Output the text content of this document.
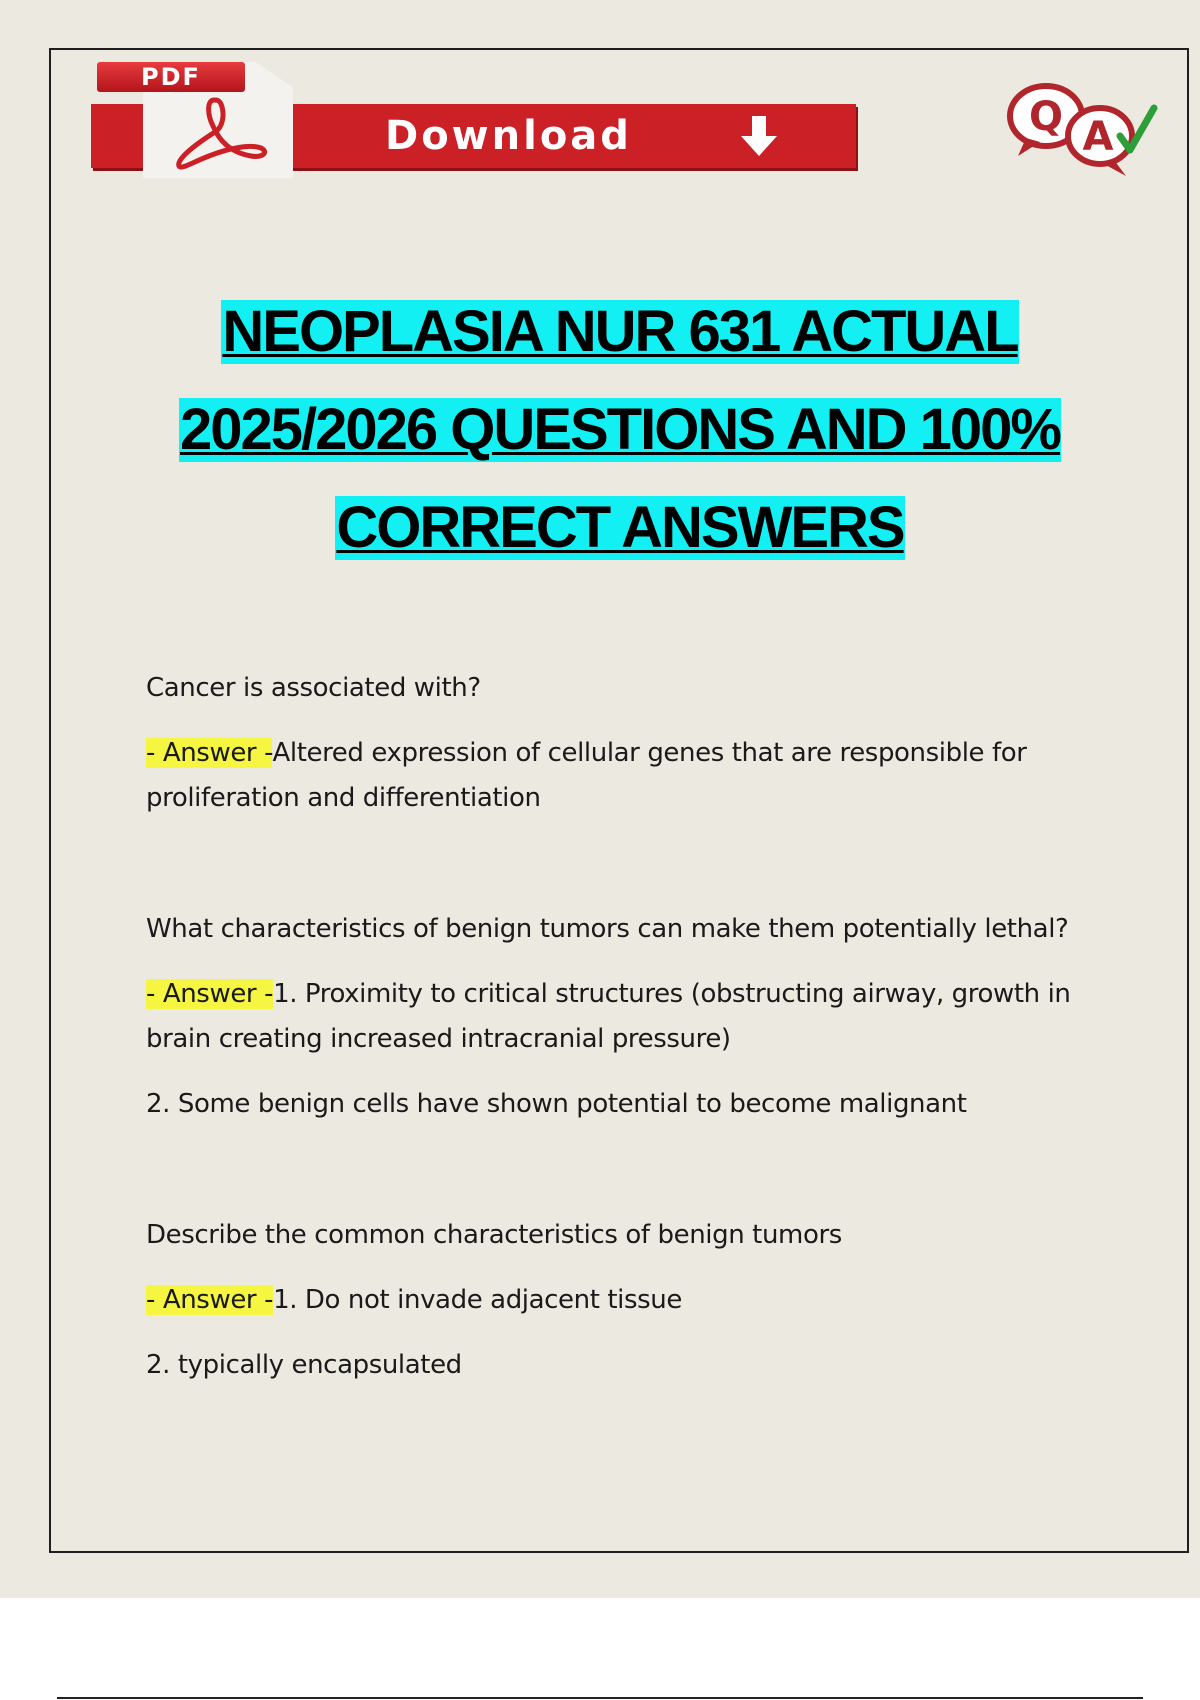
PDF
Download	Q A
NEOPLASIA NUR 631 ACTUAL
2025/2026 QUESTIONS AND 100%
CORRECT ANSWERS

Cancer is associated with?

- Answer -Altered expression of cellular genes that are responsible for proliferation and differentiation

What characteristics of benign tumors can make them potentially lethal?

- Answer -1. Proximity to critical structures (obstructing airway, growth in brain creating increased intracranial pressure)

2. Some benign cells have shown potential to become malignant

Describe the common characteristics of benign tumors

- Answer -1. Do not invade adjacent tissue

2. typically encapsulated
